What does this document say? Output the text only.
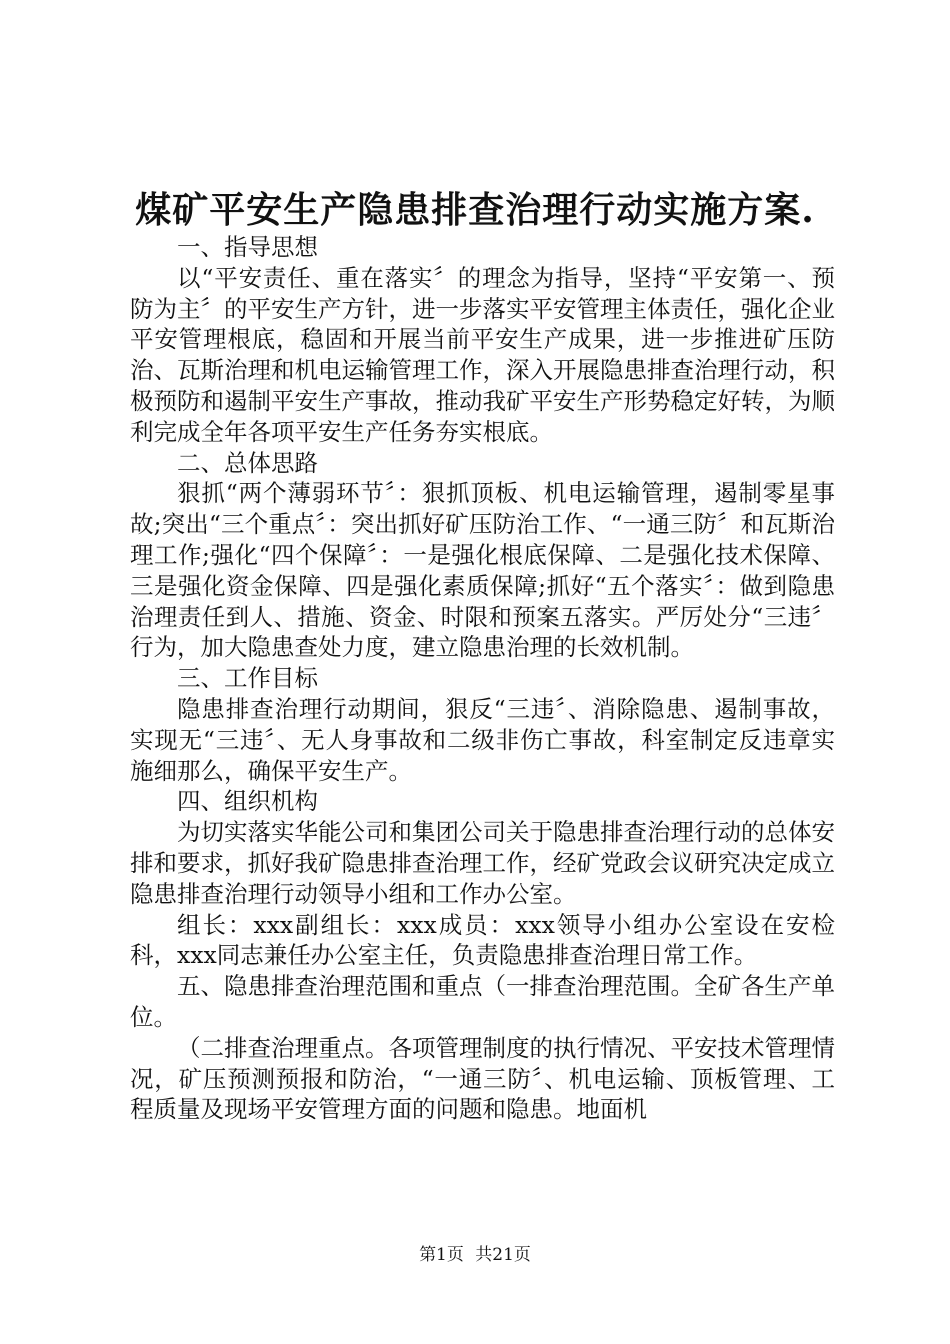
煤矿平安生产隐患排查治理行动实施方案.

一、指导思想

以“平安责任、重在落实〞的理念为指导，坚持“平安第一、预防为主〞的平安生产方针，进一步落实平安管理主体责任，强化企业平安管理根底，稳固和开展当前平安生产成果，进一步推进矿压防治、瓦斯治理和机电运输管理工作，深入开展隐患排查治理行动，积极预防和遏制平安生产事故，推动我矿平安生产形势稳定好转，为顺利完成全年各项平安生产任务夯实根底。

二、总体思路

狠抓“两个薄弱环节〞：狠抓顶板、机电运输管理，遏制零星事故;突出“三个重点〞：突出抓好矿压防治工作、“一通三防〞和瓦斯治理工作;强化“四个保障〞：一是强化根底保障、二是强化技术保障、三是强化资金保障、四是强化素质保障;抓好“五个落实〞：做到隐患治理责任到人、措施、资金、时限和预案五落实。严厉处分“三违〞行为，加大隐患查处力度，建立隐患治理的长效机制。

三、工作目标

隐患排查治理行动期间，狠反“三违〞、消除隐患、遏制事故，实现无“三违〞、无人身事故和二级非伤亡事故，科室制定反违章实施细那么，确保平安生产。

四、组织机构

为切实落实华能公司和集团公司关于隐患排查治理行动的总体安排和要求，抓好我矿隐患排查治理工作，经矿党政会议研究决定成立隐患排查治理行动领导小组和工作办公室。

组长：xxx副组长：xxx成员：xxx领导小组办公室设在安检科，xxx同志兼任办公室主任，负责隐患排查治理日常工作。

五、隐患排查治理范围和重点（一排查治理范围。全矿各生产单位。

（二排查治理重点。各项管理制度的执行情况、平安技术管理情况，矿压预测预报和防治，“一通三防〞、机电运输、顶板管理、工程质量及现场平安管理方面的问题和隐患。地面机

第1页 共21页
